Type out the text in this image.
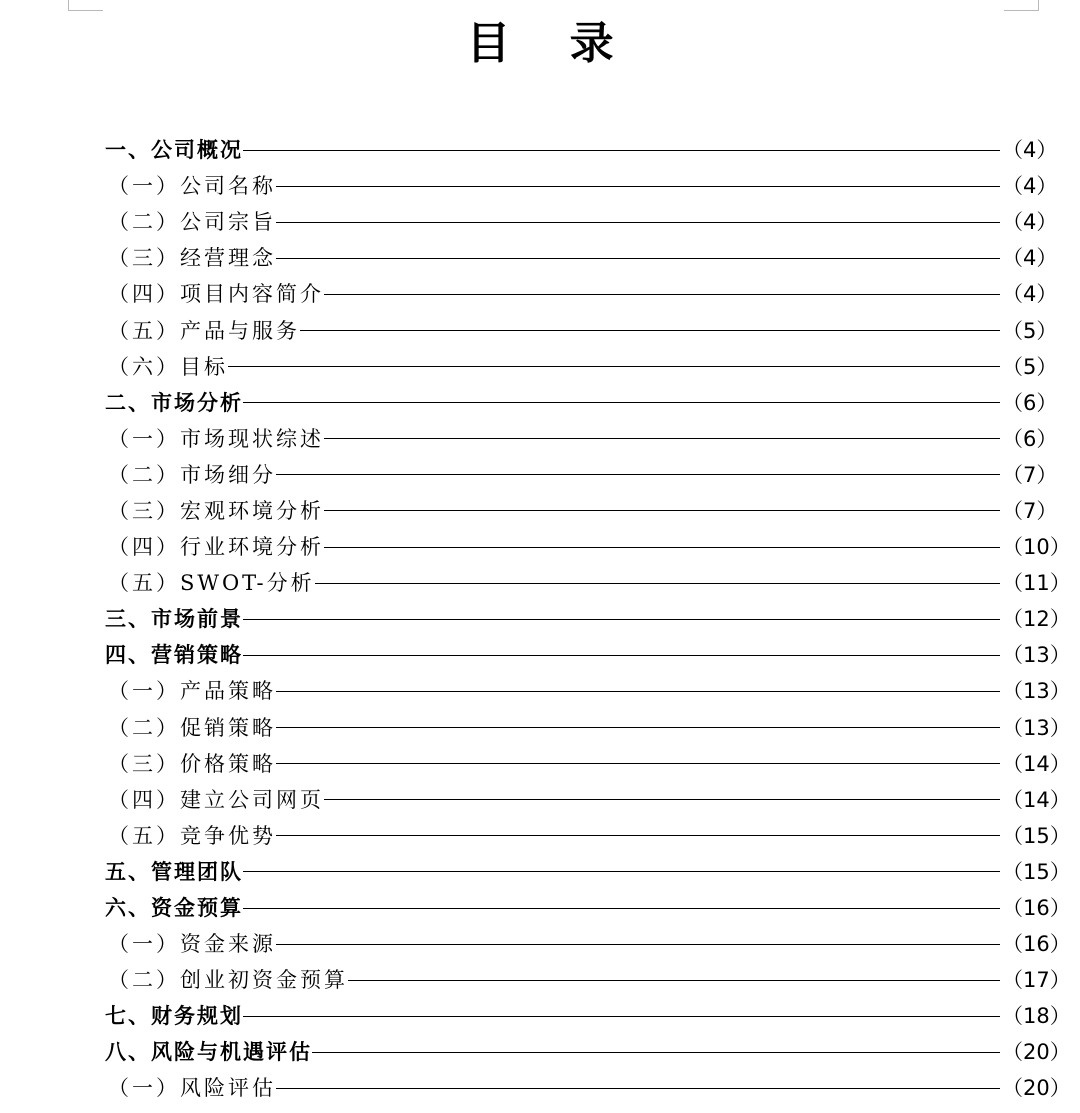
目 录
一、公司概况	（4）
（一）公司名称	（4）
（二）公司宗旨	（4）
（三）经营理念	（4）
（四）项目内容简介	（4）
（五）产品与服务	（5）
（六）目标	（5）
二、市场分析	（6）
（一）市场现状综述	（6）
（二）市场细分	（7）
（三）宏观环境分析	（7）
（四）行业环境分析	（10）
（五）SWOT-分析	（11）
三、市场前景	（12）
四、营销策略	（13）
（一）产品策略	（13）
（二）促销策略	（13）
（三）价格策略	（14）
（四）建立公司网页	（14）
（五）竞争优势	（15）
五、管理团队	（15）
六、资金预算	（16）
（一）资金来源	（16）
（二）创业初资金预算	（17）
七、财务规划	（18）
八、风险与机遇评估	（20）
（一）风险评估	（20）
